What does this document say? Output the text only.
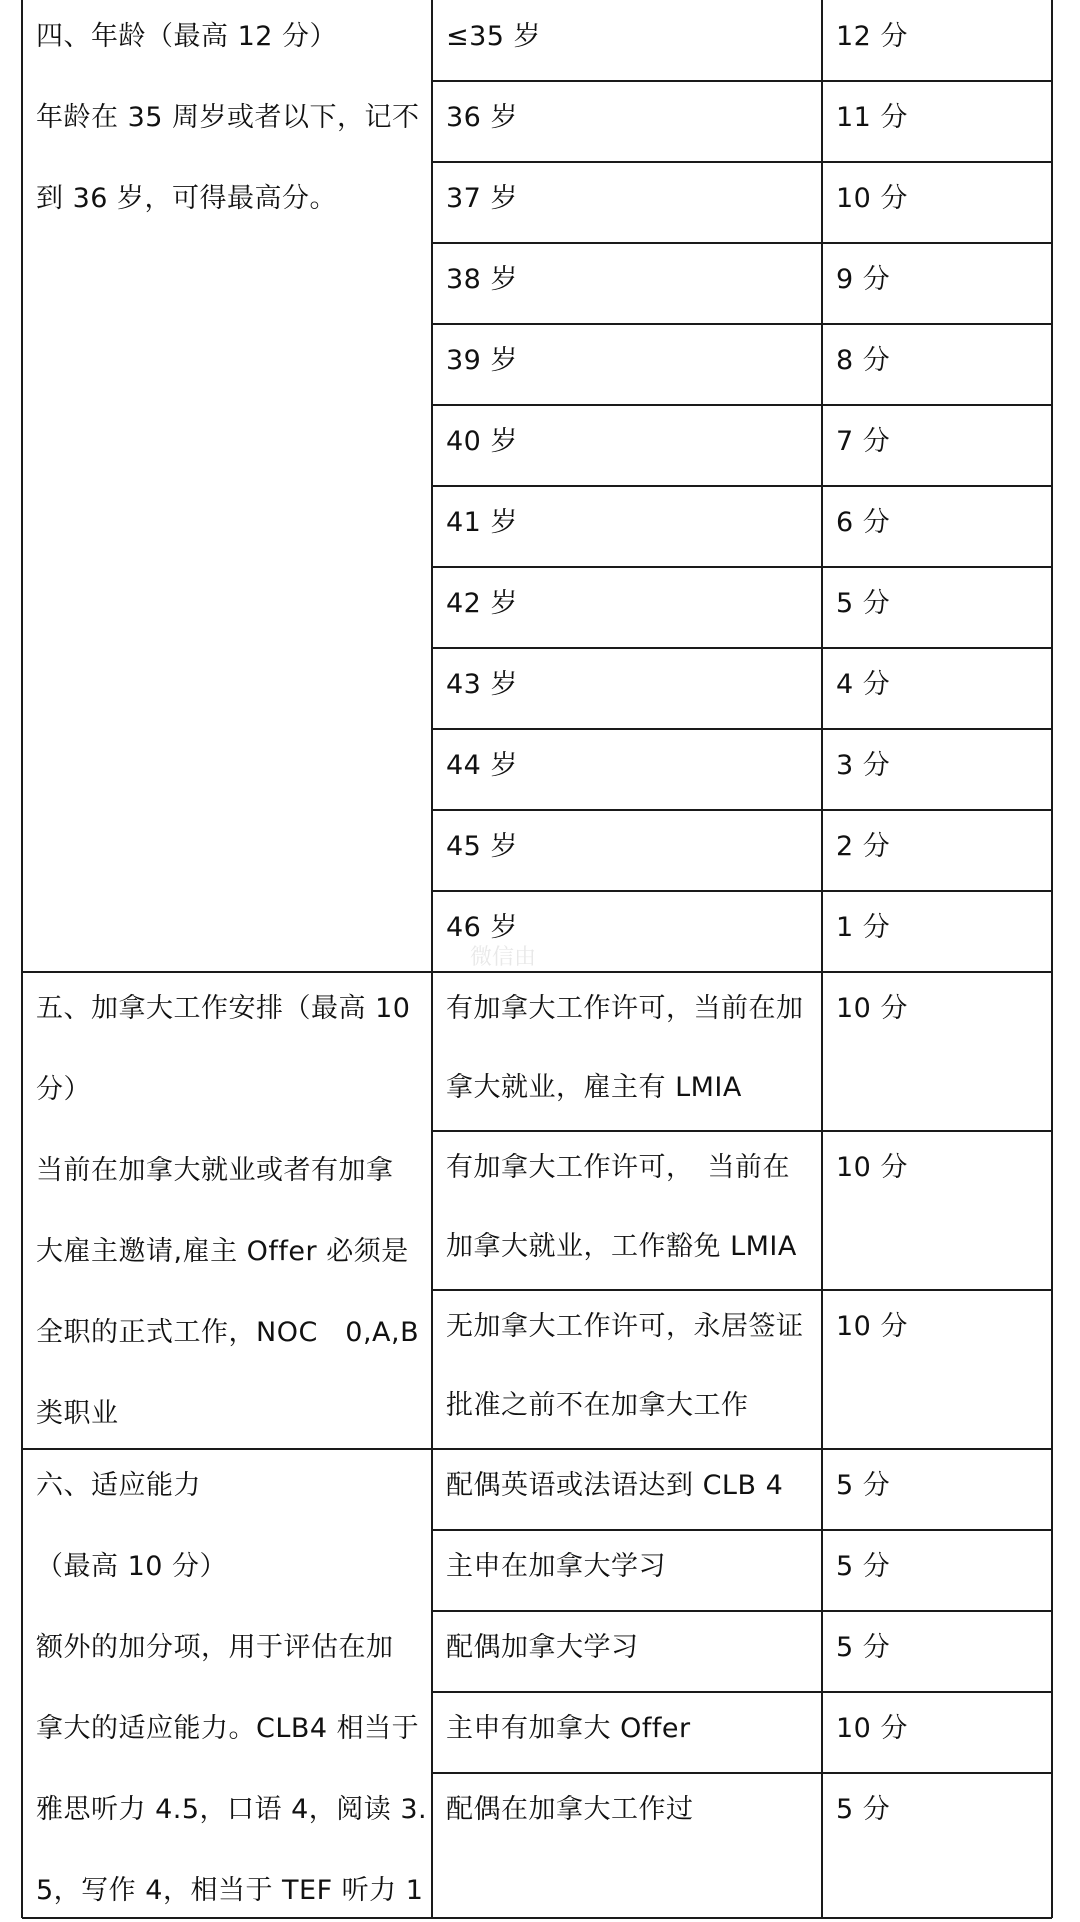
四、年龄（最高 12 分）
年龄在 35 周岁或者以下，记不
到 36 岁，可得最高分。
≤35 岁	12 分
36 岁	11 分
37 岁	10 分
38 岁	9 分
39 岁	8 分
40 岁	7 分
41 岁	6 分
42 岁	5 分
43 岁	4 分
44 岁	3 分
45 岁	2 分
46 岁	1 分
五、加拿大工作安排（最高 10
分）
当前在加拿大就业或者有加拿
大雇主邀请,雇主 Offer 必须是
全职的正式工作，NOC　0,A,B
类职业
有加拿大工作许可，当前在加
拿大就业，雇主有 LMIA
10 分
有加拿大工作许可，　当前在
加拿大就业，工作豁免 LMIA
10 分
无加拿大工作许可，永居签证
批准之前不在加拿大工作
10 分
六、适应能力
（最高 10 分）
额外的加分项，用于评估在加
拿大的适应能力。CLB4 相当于
雅思听力 4.5，口语 4，阅读 3.
5，写作 4，相当于 TEF 听力 1
配偶英语或法语达到 CLB 4 5 分
主申在加拿大学习	5 分
配偶加拿大学习	5 分
主申有加拿大 Offer	10 分
配偶在加拿大工作过	5 分
微信由
